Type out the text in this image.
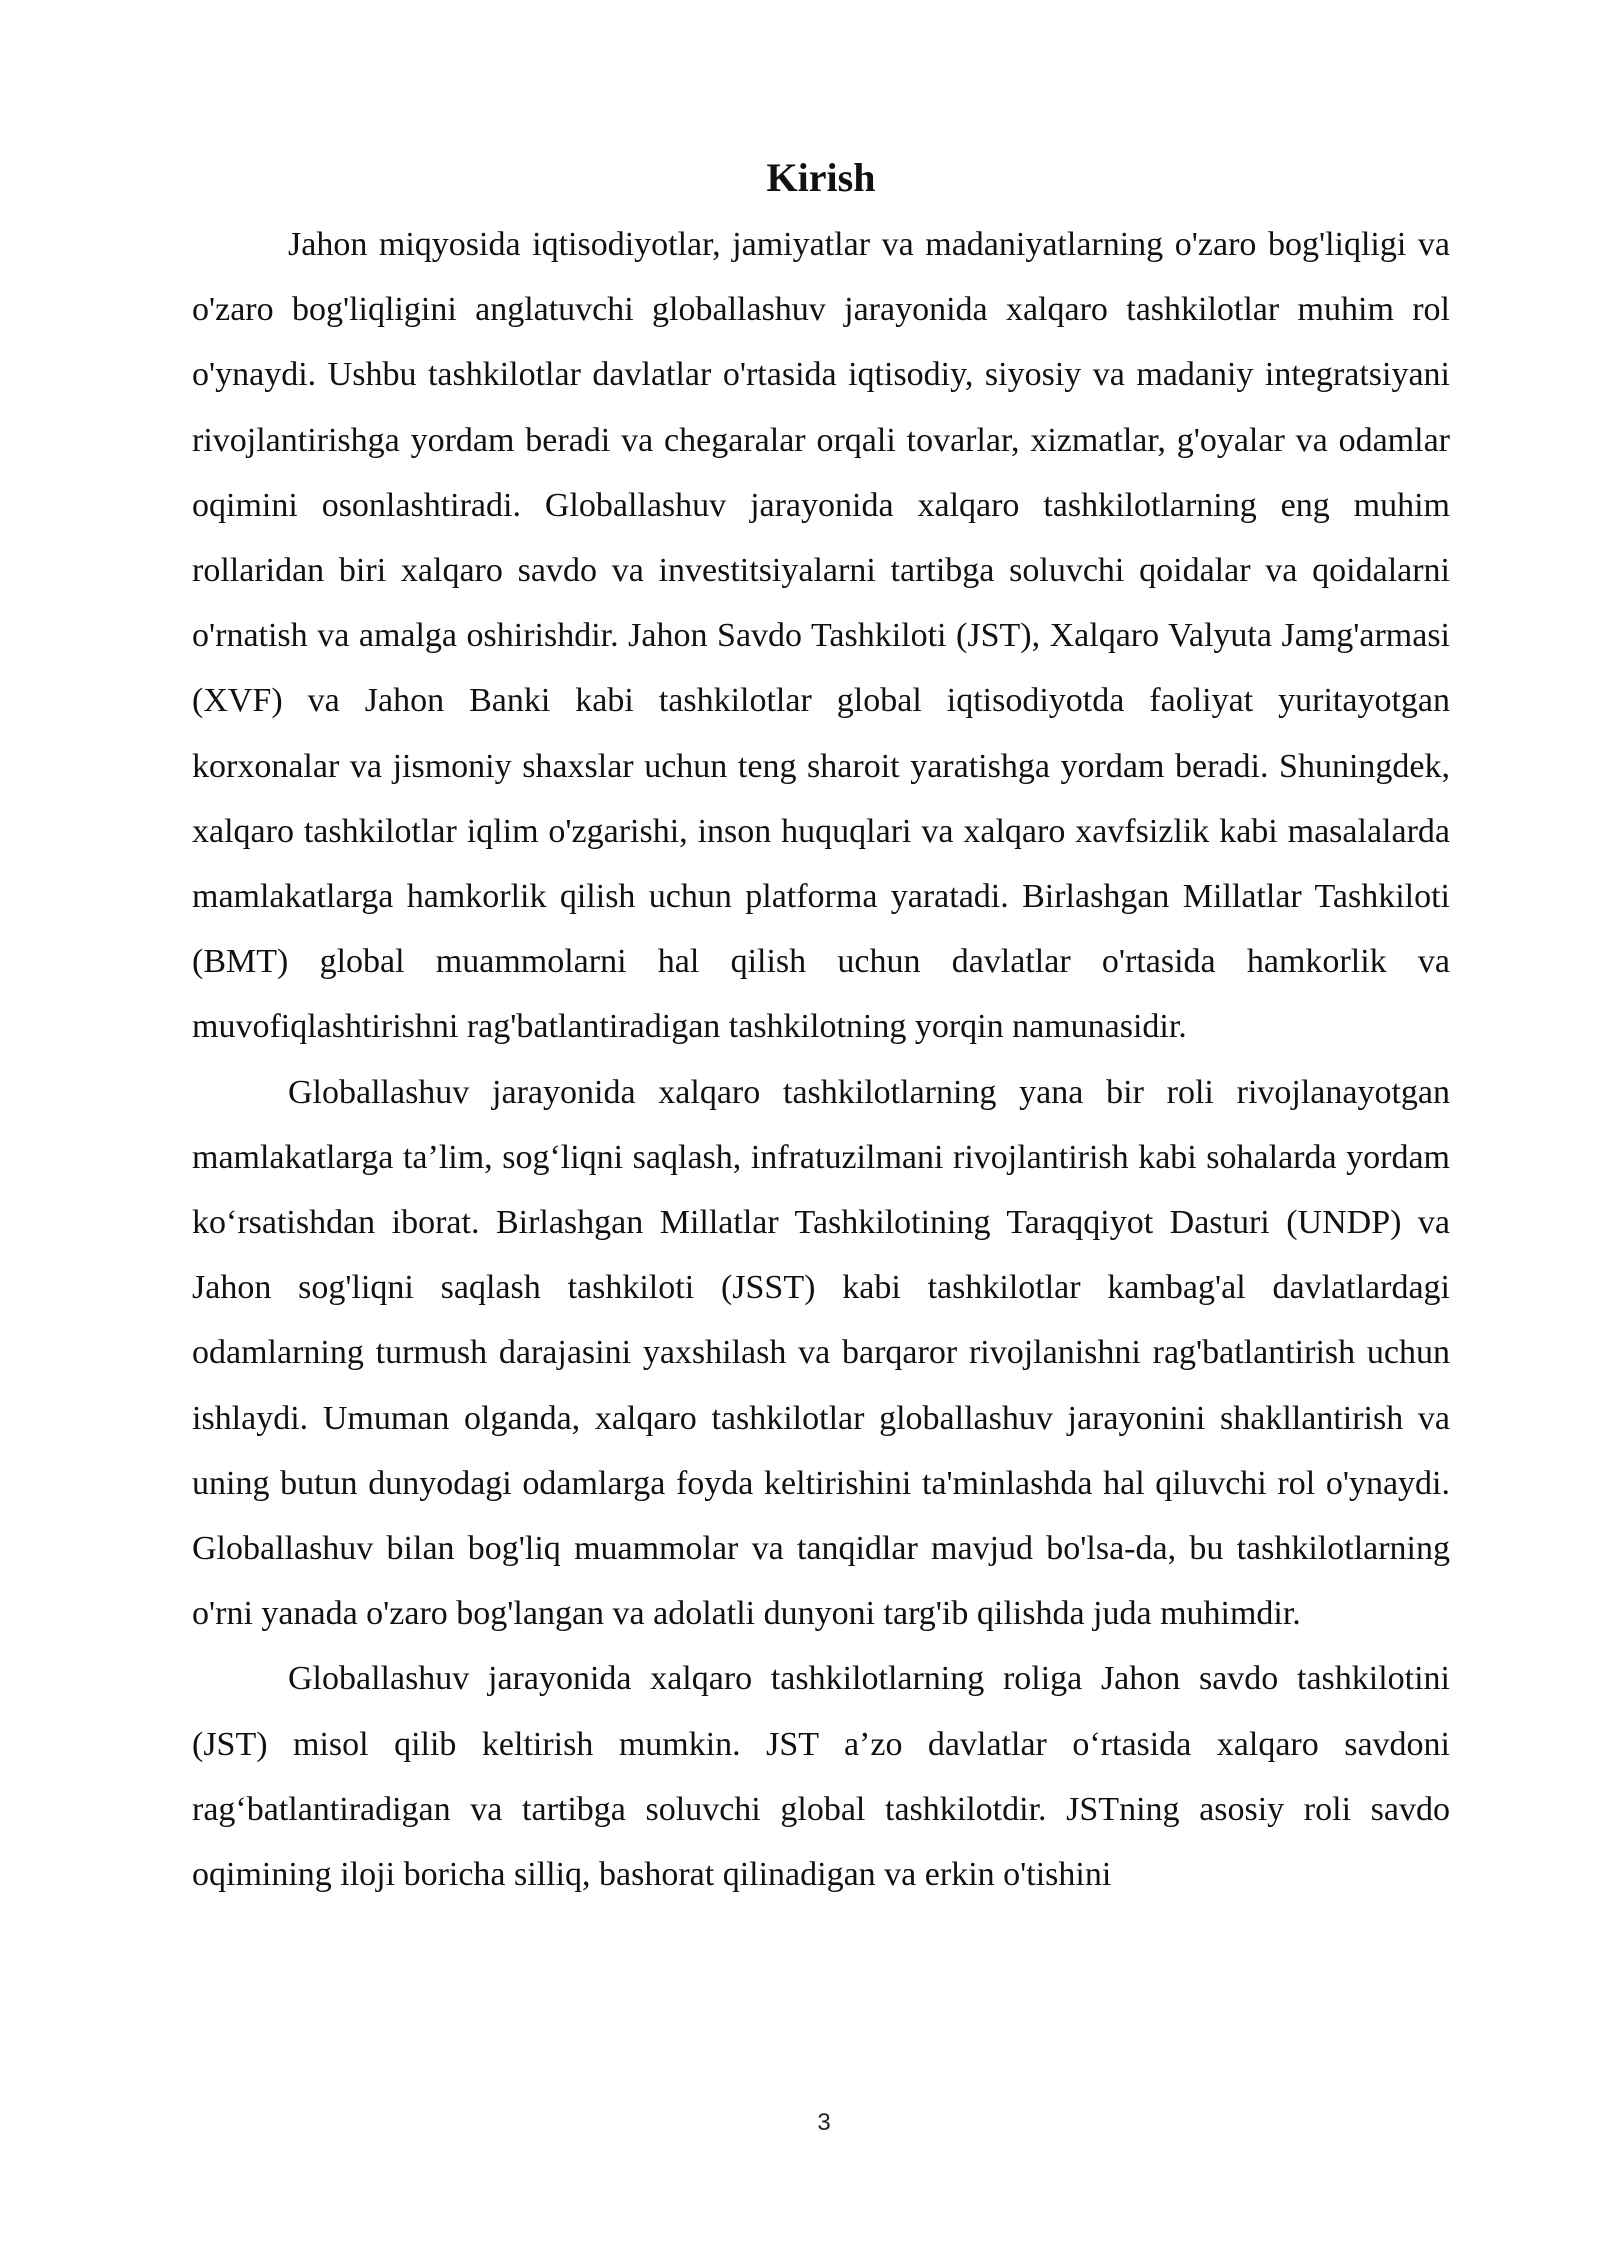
Kirish

Jahon miqyosida iqtisodiyotlar, jamiyatlar va madaniyatlarning o'zaro bog'liqligi va o'zaro bog'liqligini anglatuvchi globallashuv jarayonida xalqaro tashkilotlar muhim rol o'ynaydi. Ushbu tashkilotlar davlatlar o'rtasida iqtisodiy, siyosiy va madaniy integratsiyani rivojlantirishga yordam beradi va chegaralar orqali tovarlar, xizmatlar, g'oyalar va odamlar oqimini osonlashtiradi. Globallashuv jarayonida xalqaro tashkilotlarning eng muhim rollaridan biri xalqaro savdo va investitsiyalarni tartibga soluvchi qoidalar va qoidalarni o'rnatish va amalga oshirishdir. Jahon Savdo Tashkiloti (JST), Xalqaro Valyuta Jamg'armasi (XVF) va Jahon Banki kabi tashkilotlar global iqtisodiyotda faoliyat yuritayotgan korxonalar va jismoniy shaxslar uchun teng sharoit yaratishga yordam beradi. Shuningdek, xalqaro tashkilotlar iqlim o'zgarishi, inson huquqlari va xalqaro xavfsizlik kabi masalalarda mamlakatlarga hamkorlik qilish uchun platforma yaratadi. Birlashgan Millatlar Tashkiloti (BMT) global muammolarni hal qilish uchun davlatlar o'rtasida hamkorlik va muvofiqlashtirishni rag'batlantiradigan tashkilotning yorqin namunasidir.

Globallashuv jarayonida xalqaro tashkilotlarning yana bir roli rivojlanayotgan mamlakatlarga ta’lim, sog‘liqni saqlash, infratuzilmani rivojlantirish kabi sohalarda yordam ko‘rsatishdan iborat. Birlashgan Millatlar Tashkilotining Taraqqiyot Dasturi (UNDP) va Jahon sog'liqni saqlash tashkiloti (JSST) kabi tashkilotlar kambag'al davlatlardagi odamlarning turmush darajasini yaxshilash va barqaror rivojlanishni rag'batlantirish uchun ishlaydi. Umuman olganda, xalqaro tashkilotlar globallashuv jarayonini shakllantirish va uning butun dunyodagi odamlarga foyda keltirishini ta'minlashda hal qiluvchi rol o'ynaydi. Globallashuv bilan bog'liq muammolar va tanqidlar mavjud bo'lsa-da, bu tashkilotlarning o'rni yanada o'zaro bog'langan va adolatli dunyoni targ'ib qilishda juda muhimdir.

Globallashuv jarayonida xalqaro tashkilotlarning roliga Jahon savdo tashkilotini (JST) misol qilib keltirish mumkin. JST a’zo davlatlar o‘rtasida xalqaro savdoni rag‘batlantiradigan va tartibga soluvchi global tashkilotdir. JSTning asosiy roli savdo oqimining iloji boricha silliq, bashorat qilinadigan va erkin o'tishini

3
